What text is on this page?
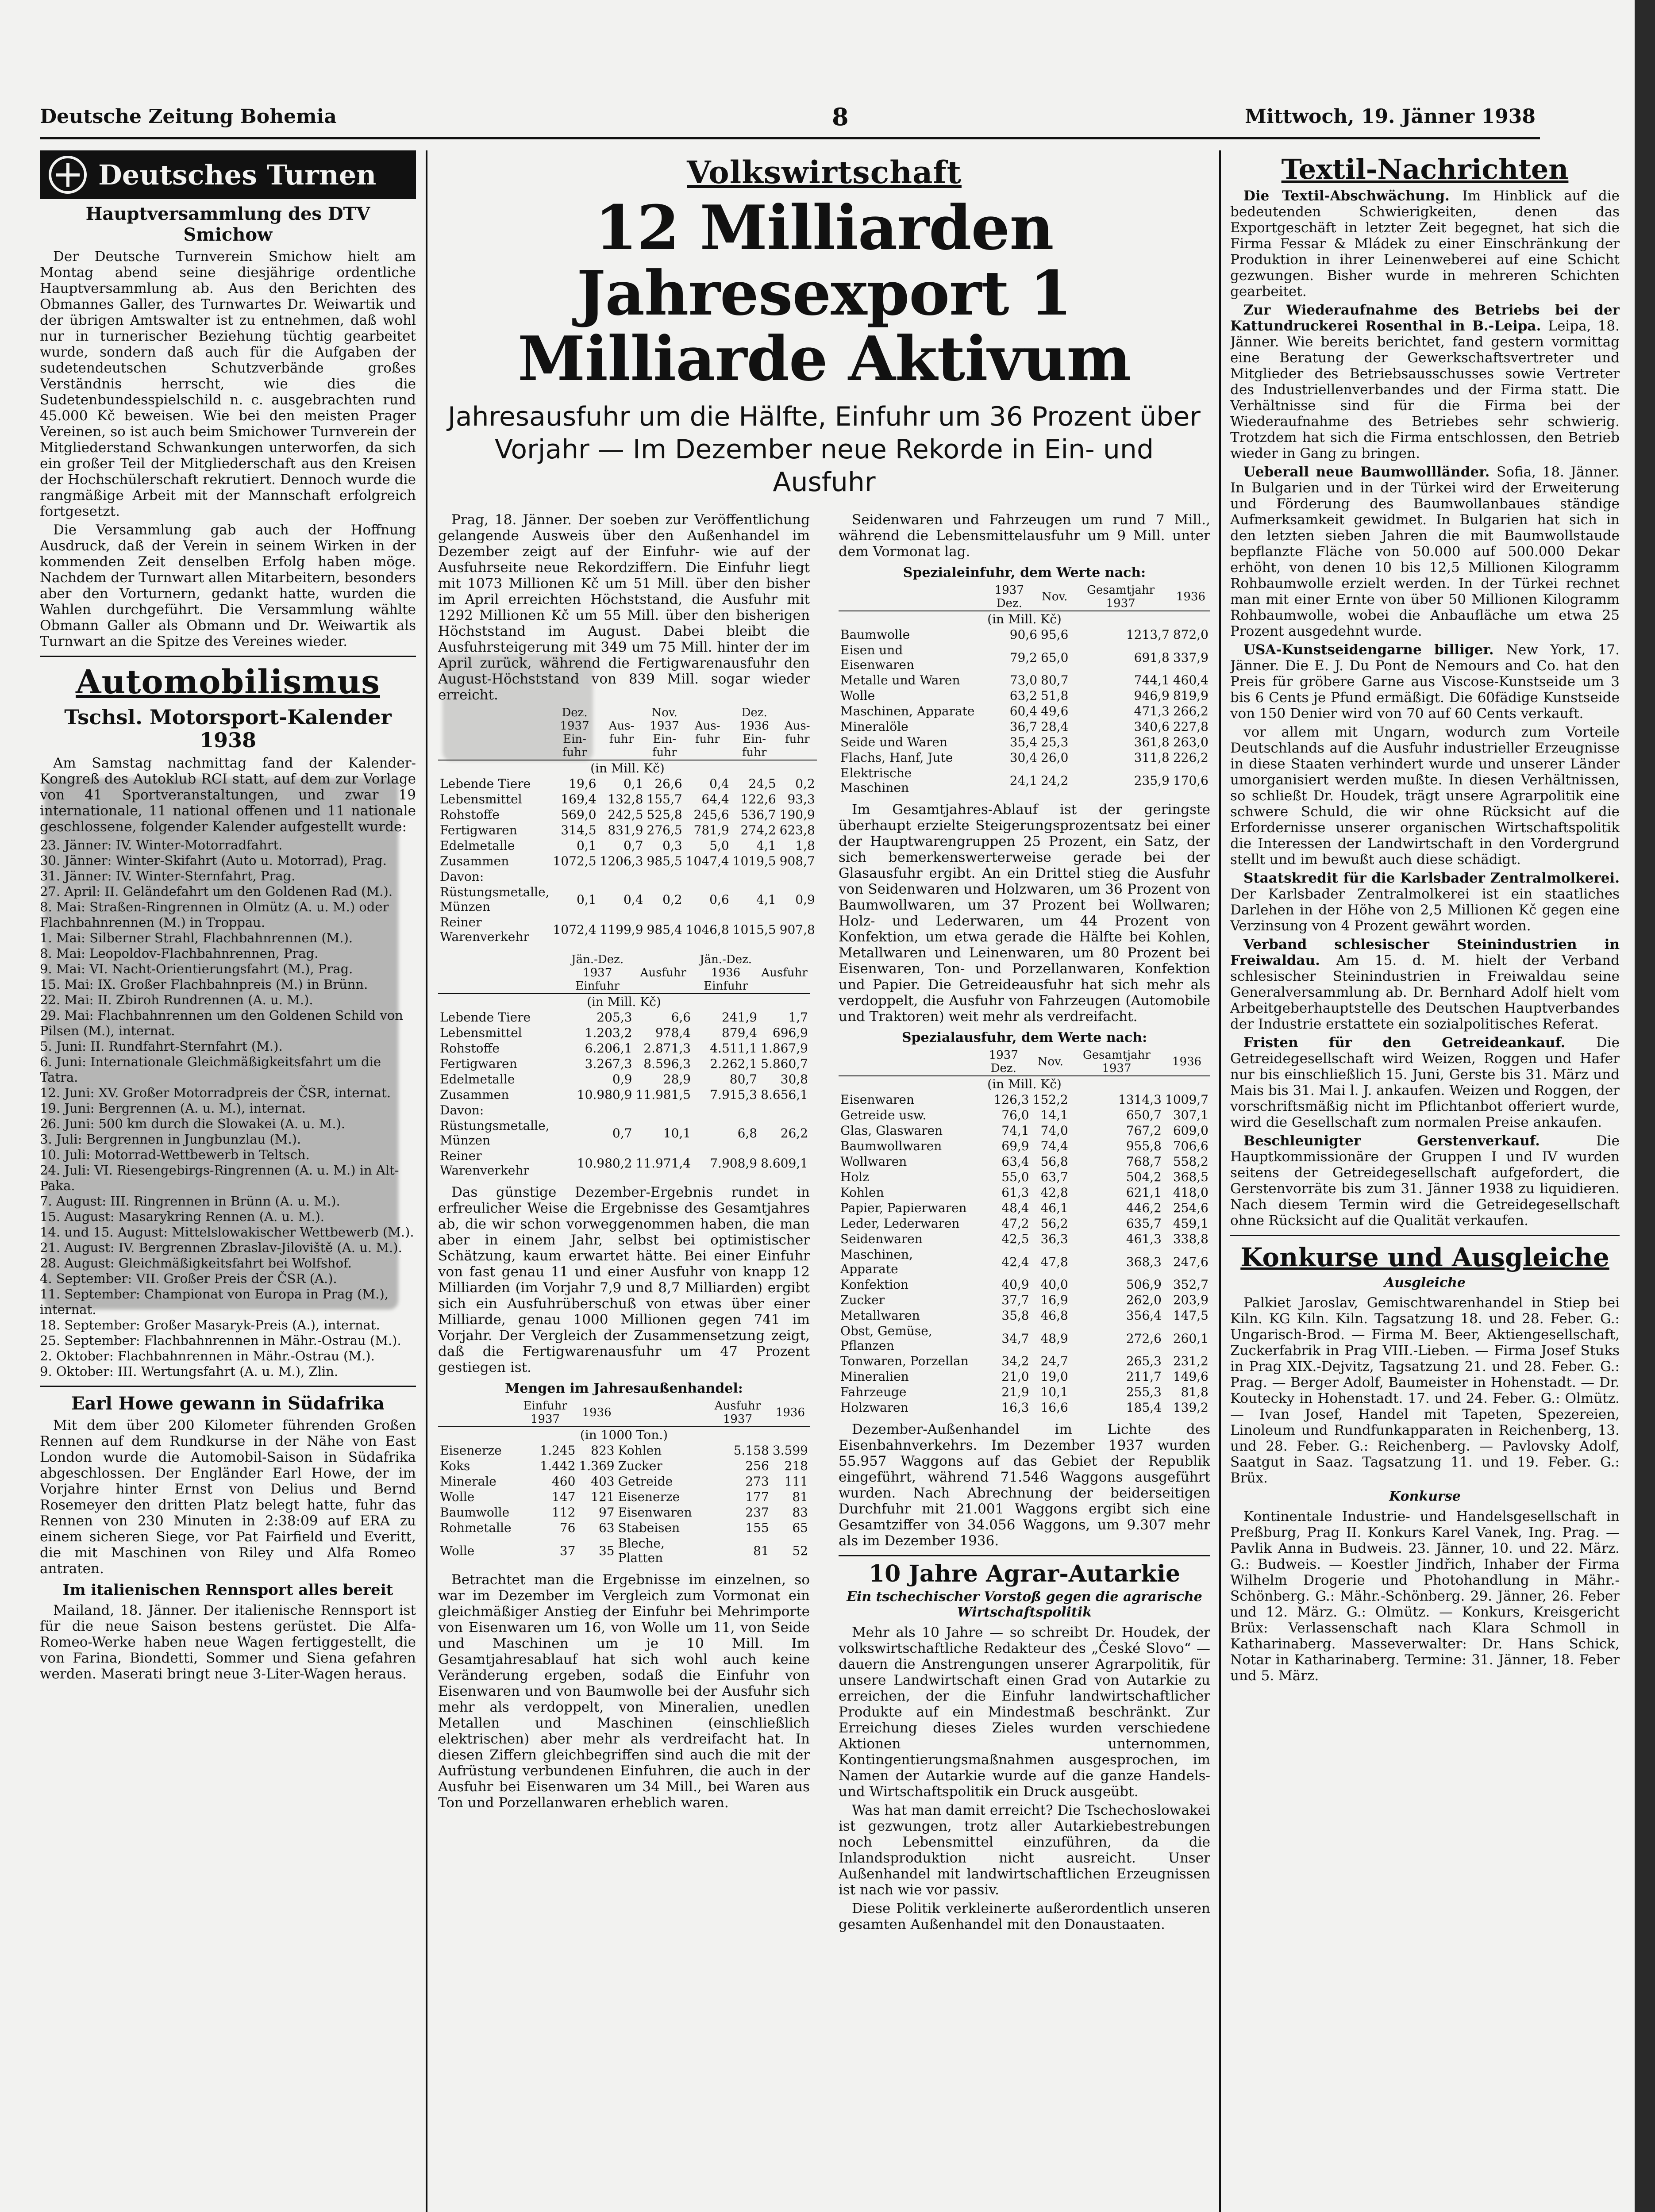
Deutsche Zeitung Bohemia	8	Mittwoch, 19. Jänner 1938
Deutsches Turnen
Hauptversammlung des DTV Smichow

Der Deutsche Turnverein Smichow hielt am Montag abend seine diesjährige ordentliche Hauptversammlung ab. Aus den Berichten des Obmannes Galler, des Turnwartes Dr. Weiwartik und der übrigen Amtswalter ist zu entnehmen, daß wohl nur in turnerischer Beziehung tüchtig gearbeitet wurde, sondern daß auch für die Aufgaben der sudetendeutschen Schutzverbände großes Verständnis herrscht, wie dies die Sudetenbundesspielschild n. c. ausgebrachten rund 45.000 Kč beweisen. Wie bei den meisten Prager Vereinen, so ist auch beim Smichower Turnverein der Mitgliederstand Schwankungen unterworfen, da sich ein großer Teil der Mitgliederschaft aus den Kreisen der Hochschülerschaft rekrutiert. Dennoch wurde die rangmäßige Arbeit mit der Mannschaft erfolgreich fortgesetzt.

Die Versammlung gab auch der Hoffnung Ausdruck, daß der Verein in seinem Wirken in der kommenden Zeit denselben Erfolg haben möge. Nachdem der Turnwart allen Mitarbeitern, besonders aber den Vorturnern, gedankt hatte, wurden die Wahlen durchgeführt. Die Versammlung wählte Obmann Galler als Obmann und Dr. Weiwartik als Turnwart an die Spitze des Vereines wieder.

Automobilismus
Tschsl. Motorsport-Kalender 1938

Am Samstag nachmittag fand der Kalender-Kongreß des Autoklub RCI statt, auf dem zur Vorlage von 41 Sportveranstaltungen, und zwar 19 internationale, 11 national offenen und 11 nationale geschlossene, folgender Kalender aufgestellt wurde:

23. Jänner: IV. Winter-Motorradfahrt.
30. Jänner: Winter-Skifahrt (Auto u. Motorrad), Prag.
31. Jänner: IV. Winter-Sternfahrt, Prag.
27. April: II. Geländefahrt um den Goldenen Rad (M.).
8. Mai: Straßen-Ringrennen in Olmütz (A. u. M.) oder Flachbahnrennen (M.) in Troppau.
1. Mai: Silberner Strahl, Flachbahnrennen (M.).
8. Mai: Leopoldov-Flachbahnrennen, Prag.
9. Mai: VI. Nacht-Orientierungsfahrt (M.), Prag.
15. Mai: IX. Großer Flachbahnpreis (M.) in Brünn.
22. Mai: II. Zbiroh Rundrennen (A. u. M.).
29. Mai: Flachbahnrennen um den Goldenen Schild von Pilsen (M.), internat.
5. Juni: II. Rundfahrt-Sternfahrt (M.).
6. Juni: Internationale Gleichmäßigkeitsfahrt um die Tatra.
12. Juni: XV. Großer Motorradpreis der ČSR, internat.
19. Juni: Bergrennen (A. u. M.), internat.
26. Juni: 500 km durch die Slowakei (A. u. M.).
3. Juli: Bergrennen in Jungbunzlau (M.).
10. Juli: Motorrad-Wettbewerb in Teltsch.
24. Juli: VI. Riesengebirgs-Ringrennen (A. u. M.) in Alt-Paka.
7. August: III. Ringrennen in Brünn (A. u. M.).
15. August: Masarykring Rennen (A. u. M.).
14. und 15. August: Mittelslowakischer Wettbewerb (M.).
21. August: IV. Bergrennen Zbraslav-Jiloviště (A. u. M.).
28. August: Gleichmäßigkeitsfahrt bei Wolfshof.
4. September: VII. Großer Preis der ČSR (A.).
11. September: Championat von Europa in Prag (M.), internat.
18. September: Großer Masaryk-Preis (A.), internat.
25. September: Flachbahnrennen in Mähr.-Ostrau (M.).
2. Oktober: Flachbahnrennen in Mähr.-Ostrau (M.).
9. Oktober: III. Wertungsfahrt (A. u. M.), Zlin.
Earl Howe gewann in Südafrika

Mit dem über 200 Kilometer führenden Großen Rennen auf dem Rundkurse in der Nähe von East London wurde die Automobil-Saison in Südafrika abgeschlossen. Der Engländer Earl Howe, der im Vorjahre hinter Ernst von Delius und Bernd Rosemeyer den dritten Platz belegt hatte, fuhr das Rennen von 230 Minuten in 2:38:09 auf ERA zu einem sicheren Siege, vor Pat Fairfield und Everitt, die mit Maschinen von Riley und Alfa Romeo antraten.

Im italienischen Rennsport alles bereit

Mailand, 18. Jänner. Der italienische Rennsport ist für die neue Saison bestens gerüstet. Die Alfa-Romeo-Werke haben neue Wagen fertiggestellt, die von Farina, Biondetti, Sommer und Siena gefahren werden. Maserati bringt neue 3-Liter-Wagen heraus.

Volkswirtschaft
12 Milliarden Jahresexport 1 Milliarde Aktivum
Jahresausfuhr um die Hälfte, Einfuhr um 36 Prozent über Vorjahr — Im Dezember neue Rekorde in Ein- und Ausfuhr

Prag, 18. Jänner. Der soeben zur Veröffentlichung gelangende Ausweis über den Außenhandel im Dezember zeigt auf der Einfuhr- wie auf der Ausfuhrseite neue Rekordziffern. Die Einfuhr liegt mit 1073 Millionen Kč um 51 Mill. über den bisher im April erreichten Höchststand, die Ausfuhr mit 1292 Millionen Kč um 55 Mill. über den bisherigen Höchststand im August. Dabei bleibt die Ausfuhrsteigerung mit 349 um 75 Mill. hinter der im April zurück, während die Fertigwarenausfuhr den August-Höchststand von 839 Mill. sogar wieder erreicht.

	Dez. 1937 Ein-fuhr	Aus-fuhr	Nov. 1937 Ein-fuhr	Aus-fuhr	Dez. 1936 Ein-fuhr	Aus-fuhr
(in Mill. Kč)						
Lebende Tiere	19,6	0,1	26,6	0,4	24,5	0,2
Lebensmittel	169,4	132,8	155,7	64,4	122,6	93,3
Rohstoffe	569,0	242,5	525,8	245,6	536,7	190,9
Fertigwaren	314,5	831,9	276,5	781,9	274,2	623,8
Edelmetalle	0,1	0,7	0,3	5,0	4,1	1,8
Zusammen	1072,5	1206,3	985,5	1047,4	1019,5	908,7
Davon:						
Rüstungsmetalle, Münzen	0,1	0,4	0,2	0,6	4,1	0,9
Reiner Warenverkehr	1072,4	1199,9	985,4	1046,8	1015,5	907,8
	Jän.-Dez. 1937 Einfuhr	Ausfuhr	Jän.-Dez. 1936 Einfuhr	Ausfuhr
(in Mill. Kč)				
Lebende Tiere	205,3	6,6	241,9	1,7
Lebensmittel	1.203,2	978,4	879,4	696,9
Rohstoffe	6.206,1	2.871,3	4.511,1	1.867,9
Fertigwaren	3.267,3	8.596,3	2.262,1	5.860,7
Edelmetalle	0,9	28,9	80,7	30,8
Zusammen	10.980,9	11.981,5	7.915,3	8.656,1
Davon:				
Rüstungsmetalle, Münzen	0,7	10,1	6,8	26,2
Reiner Warenverkehr	10.980,2	11.971,4	7.908,9	8.609,1

Das günstige Dezember-Ergebnis rundet in erfreulicher Weise die Ergebnisse des Gesamtjahres ab, die wir schon vorweggenommen haben, die man aber in einem Jahr, selbst bei optimistischer Schätzung, kaum erwartet hätte. Bei einer Einfuhr von fast genau 11 und einer Ausfuhr von knapp 12 Milliarden (im Vorjahr 7,9 und 8,7 Milliarden) ergibt sich ein Ausfuhrüberschuß von etwas über einer Milliarde, genau 1000 Millionen gegen 741 im Vorjahr. Der Vergleich der Zusammensetzung zeigt, daß die Fertigwarenausfuhr um 47 Prozent gestiegen ist.

Mengen im Jahresaußenhandel:
	Einfuhr 1937	1936		Ausfuhr 1937	1936
(in 1000 Ton.)					
Eisenerze	1.245	823	Kohlen	5.158	3.599
Koks	1.442	1.369	Zucker	256	218
Minerale	460	403	Getreide	273	111
Wolle	147	121	Eisenerze	177	81
Baumwolle	112	97	Eisenwaren	237	83
Rohmetalle	76	63	Stabeisen	155	65
Wolle	37	35	Bleche, Platten	81	52

Betrachtet man die Ergebnisse im einzelnen, so war im Dezember im Vergleich zum Vormonat ein gleichmäßiger Anstieg der Einfuhr bei Mehrimporte von Eisenwaren um 16, von Wolle um 11, von Seide und Maschinen um je 10 Mill. Im Gesamtjahresablauf hat sich wohl auch keine Veränderung ergeben, sodaß die Einfuhr von Eisenwaren und von Baumwolle bei der Ausfuhr sich mehr als verdoppelt, von Mineralien, unedlen Metallen und Maschinen (einschließlich elektrischen) aber mehr als verdreifacht hat. In diesen Ziffern gleichbegriffen sind auch die mit der Aufrüstung verbundenen Einfuhren, die auch in der Ausfuhr bei Eisenwaren um 34 Mill., bei Waren aus Ton und Porzellanwaren erheblich waren.

Seidenwaren und Fahrzeugen um rund 7 Mill., während die Lebensmittelausfuhr um 9 Mill. unter dem Vormonat lag.

Spezialeinfuhr, dem Werte nach:
	1937 Dez.	Nov.	Gesamtjahr 1937	1936
(in Mill. Kč)				
Baumwolle	90,6	95,6	1213,7	872,0
Eisen und Eisenwaren	79,2	65,0	691,8	337,9
Metalle und Waren	73,0	80,7	744,1	460,4
Wolle	63,2	51,8	946,9	819,9
Maschinen, Apparate	60,4	49,6	471,3	266,2
Mineralöle	36,7	28,4	340,6	227,8
Seide und Waren	35,4	25,3	361,8	263,0
Flachs, Hanf, Jute	30,4	26,0	311,8	226,2
Elektrische Maschinen	24,1	24,2	235,9	170,6

Im Gesamtjahres-Ablauf ist der geringste überhaupt erzielte Steigerungsprozentsatz bei einer der Hauptwarengruppen 25 Prozent, ein Satz, der sich bemerkenswerterweise gerade bei der Glasausfuhr ergibt. An ein Drittel stieg die Ausfuhr von Seidenwaren und Holzwaren, um 36 Prozent von Baumwollwaren, um 37 Prozent bei Wollwaren; Holz- und Lederwaren, um 44 Prozent von Konfektion, um etwa gerade die Hälfte bei Kohlen, Metallwaren und Leinenwaren, um 80 Prozent bei Eisenwaren, Ton- und Porzellanwaren, Konfektion und Papier. Die Getreideausfuhr hat sich mehr als verdoppelt, die Ausfuhr von Fahrzeugen (Automobile und Traktoren) weit mehr als verdreifacht.

Spezialausfuhr, dem Werte nach:
	1937 Dez.	Nov.	Gesamtjahr 1937	1936
(in Mill. Kč)				
Eisenwaren	126,3	152,2	1314,3	1009,7
Getreide usw.	76,0	14,1	650,7	307,1
Glas, Glaswaren	74,1	74,0	767,2	609,0
Baumwollwaren	69,9	74,4	955,8	706,6
Wollwaren	63,4	56,8	768,7	558,2
Holz	55,0	63,7	504,2	368,5
Kohlen	61,3	42,8	621,1	418,0
Papier, Papierwaren	48,4	46,1	446,2	254,6
Leder, Lederwaren	47,2	56,2	635,7	459,1
Seidenwaren	42,5	36,3	461,3	338,8
Maschinen, Apparate	42,4	47,8	368,3	247,6
Konfektion	40,9	40,0	506,9	352,7
Zucker	37,7	16,9	262,0	203,9
Metallwaren	35,8	46,8	356,4	147,5
Obst, Gemüse, Pflanzen	34,7	48,9	272,6	260,1
Tonwaren, Porzellan	34,2	24,7	265,3	231,2
Mineralien	21,0	19,0	211,7	149,6
Fahrzeuge	21,9	10,1	255,3	81,8
Holzwaren	16,3	16,6	185,4	139,2

Dezember-Außenhandel im Lichte des Eisenbahnverkehrs. Im Dezember 1937 wurden 55.957 Waggons auf das Gebiet der Republik eingeführt, während 71.546 Waggons ausgeführt wurden. Nach Abrechnung der beiderseitigen Durchfuhr mit 21.001 Waggons ergibt sich eine Gesamtziffer von 34.056 Waggons, um 9.307 mehr als im Dezember 1936.

10 Jahre Agrar-Autarkie
Ein tschechischer Vorstoß gegen die agrarische Wirtschaftspolitik

Mehr als 10 Jahre — so schreibt Dr. Houdek, der volkswirtschaftliche Redakteur des „České Slovo“ — dauern die Anstrengungen unserer Agrarpolitik, für unsere Landwirtschaft einen Grad von Autarkie zu erreichen, der die Einfuhr landwirtschaftlicher Produkte auf ein Mindestmaß beschränkt. Zur Erreichung dieses Zieles wurden verschiedene Aktionen unternommen, Kontingentierungsmaßnahmen ausgesprochen, im Namen der Autarkie wurde auf die ganze Handels- und Wirtschaftspolitik ein Druck ausgeübt.

Was hat man damit erreicht? Die Tschechoslowakei ist gezwungen, trotz aller Autarkiebestrebungen noch Lebensmittel einzuführen, da die Inlandsproduktion nicht ausreicht. Unser Außenhandel mit landwirtschaftlichen Erzeugnissen ist nach wie vor passiv.

Diese Politik verkleinerte außerordentlich unseren gesamten Außenhandel mit den Donaustaaten.

Textil-Nachrichten

Die Textil-Abschwächung. Im Hinblick auf die bedeutenden Schwierigkeiten, denen das Exportgeschäft in letzter Zeit begegnet, hat sich die Firma Fessar & Mládek zu einer Einschränkung der Produktion in ihrer Leinenweberei auf eine Schicht gezwungen. Bisher wurde in mehreren Schichten gearbeitet.

Zur Wiederaufnahme des Betriebs bei der Kattundruckerei Rosenthal in B.-Leipa. Leipa, 18. Jänner. Wie bereits berichtet, fand gestern vormittag eine Beratung der Gewerkschaftsvertreter und Mitglieder des Betriebsausschusses sowie Vertreter des Industriellenverbandes und der Firma statt. Die Verhältnisse sind für die Firma bei der Wiederaufnahme des Betriebes sehr schwierig. Trotzdem hat sich die Firma entschlossen, den Betrieb wieder in Gang zu bringen.

Ueberall neue Baumwollländer. Sofia, 18. Jänner. In Bulgarien und in der Türkei wird der Erweiterung und Förderung des Baumwollanbaues ständige Aufmerksamkeit gewidmet. In Bulgarien hat sich in den letzten sieben Jahren die mit Baumwollstaude bepflanzte Fläche von 50.000 auf 500.000 Dekar erhöht, von denen 10 bis 12,5 Millionen Kilogramm Rohbaumwolle erzielt werden. In der Türkei rechnet man mit einer Ernte von über 50 Millionen Kilogramm Rohbaumwolle, wobei die Anbaufläche um etwa 25 Prozent ausgedehnt wurde.

USA-Kunstseidengarne billiger. New York, 17. Jänner. Die E. J. Du Pont de Nemours and Co. hat den Preis für gröbere Garne aus Viscose-Kunstseide um 3 bis 6 Cents je Pfund ermäßigt. Die 60fädige Kunstseide von 150 Denier wird von 70 auf 60 Cents verkauft.

vor allem mit Ungarn, wodurch zum Vorteile Deutschlands auf die Ausfuhr industrieller Erzeugnisse in diese Staaten verhindert wurde und unserer Länder umorganisiert werden mußte. In diesen Verhältnissen, so schließt Dr. Houdek, trägt unsere Agrarpolitik eine schwere Schuld, die wir ohne Rücksicht auf die Erfordernisse unserer organischen Wirtschaftspolitik die Interessen der Landwirtschaft in den Vordergrund stellt und im bewußt auch diese schädigt.

Staatskredit für die Karlsbader Zentralmolkerei. Der Karlsbader Zentralmolkerei ist ein staatliches Darlehen in der Höhe von 2,5 Millionen Kč gegen eine Verzinsung von 4 Prozent gewährt worden.

Verband schlesischer Steinindustrien in Freiwaldau. Am 15. d. M. hielt der Verband schlesischer Steinindustrien in Freiwaldau seine Generalversammlung ab. Dr. Bernhard Adolf hielt vom Arbeitgeberhauptstelle des Deutschen Hauptverbandes der Industrie erstattete ein sozialpolitisches Referat.

Fristen für den Getreideankauf. Die Getreidegesellschaft wird Weizen, Roggen und Hafer nur bis einschließlich 15. Juni, Gerste bis 31. März und Mais bis 31. Mai l. J. ankaufen. Weizen und Roggen, der vorschriftsmäßig nicht im Pflichtanbot offeriert wurde, wird die Gesellschaft zum normalen Preise ankaufen.

Beschleunigter Gerstenverkauf. Die Hauptkommissionäre der Gruppen I und IV wurden seitens der Getreidegesellschaft aufgefordert, die Gerstenvorräte bis zum 31. Jänner 1938 zu liquidieren. Nach diesem Termin wird die Getreidegesellschaft ohne Rücksicht auf die Qualität verkaufen.

Konkurse und Ausgleiche
Ausgleiche

Palkiet Jaroslav, Gemischtwarenhandel in Stiep bei Kiln. KG Kiln. Kiln. Tagsatzung 18. und 28. Feber. G.: Ungarisch-Brod. — Firma M. Beer, Aktiengesellschaft, Zuckerfabrik in Prag VIII.-Lieben. — Firma Josef Stuks in Prag XIX.-Dejvitz, Tagsatzung 21. und 28. Feber. G.: Prag. — Berger Adolf, Baumeister in Hohenstadt. — Dr. Koutecky in Hohenstadt. 17. und 24. Feber. G.: Olmütz. — Ivan Josef, Handel mit Tapeten, Spezereien, Linoleum und Rundfunkapparaten in Reichenberg, 13. und 28. Feber. G.: Reichenberg. — Pavlovsky Adolf, Saatgut in Saaz. Tagsatzung 11. und 19. Feber. G.: Brüx.

Konkurse

Kontinentale Industrie- und Handelsgesellschaft in Preßburg, Prag II. Konkurs Karel Vanek, Ing. Prag. — Pavlik Anna in Budweis. 23. Jänner, 10. und 22. März. G.: Budweis. — Koestler Jindřich, Inhaber der Firma Wilhelm Drogerie und Photohandlung in Mähr.-Schönberg. G.: Mähr.-Schönberg. 29. Jänner, 26. Feber und 12. März. G.: Olmütz. — Konkurs, Kreisgericht Brüx: Verlassenschaft nach Klara Schmoll in Katharinaberg. Masseverwalter: Dr. Hans Schick, Notar in Katharinaberg. Termine: 31. Jänner, 18. Feber und 5. März.
